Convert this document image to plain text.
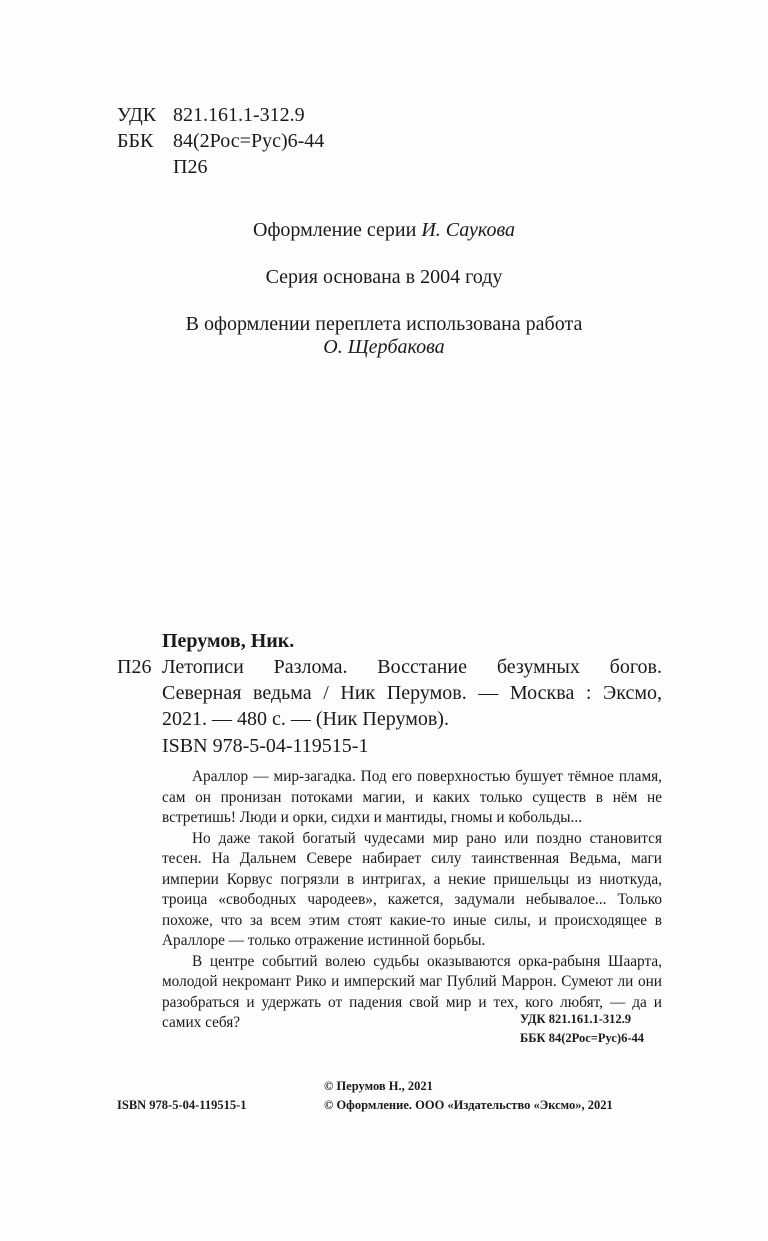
УДК 821.161.1-312.9
ББК 84(2Рос=Рус)6-44
П26
Оформление серии И. Саукова
Серия основана в 2004 году
В оформлении переплета использована работа
О. Щербакова
Перумов, Ник.
П26 Летописи Разлома. Восстание безумных богов.
Северная ведьма / Ник Перумов. — Москва : Эксмо,
2021. — 480 с. — (Ник Перумов).
ISBN 978-5-04-119515-1

Араллор — мир-загадка. Под его поверхностью бушует тёмное пламя, сам он пронизан потоками магии, и каких только существ в нём не встретишь! Люди и орки, сидхи и мантиды, гномы и кобольды...

Но даже такой богатый чудесами мир рано или поздно становится тесен. На Дальнем Севере набирает силу таинственная Ведьма, маги империи Корвус погрязли в интригах, а некие пришельцы из ниоткуда, троица «свободных чародеев», кажется, задумали небывалое... Только похоже, что за всем этим стоят какие-то иные силы, и происходящее в Араллоре — только отражение истинной борьбы.

В центре событий волею судьбы оказываются орка-рабыня Шаарта, молодой некромант Рико и имперский маг Публий Маррон. Сумеют ли они разобраться и удержать от падения свой мир и тех, кого любят, — да и самих себя?	УДК 821.161.1-312.9
ББК 84(2Рос=Рус)6-44
© Перумов Н., 2021
© Оформление. ООО «Издательство «Эксмо», 2021
ISBN 978-5-04-119515-1
